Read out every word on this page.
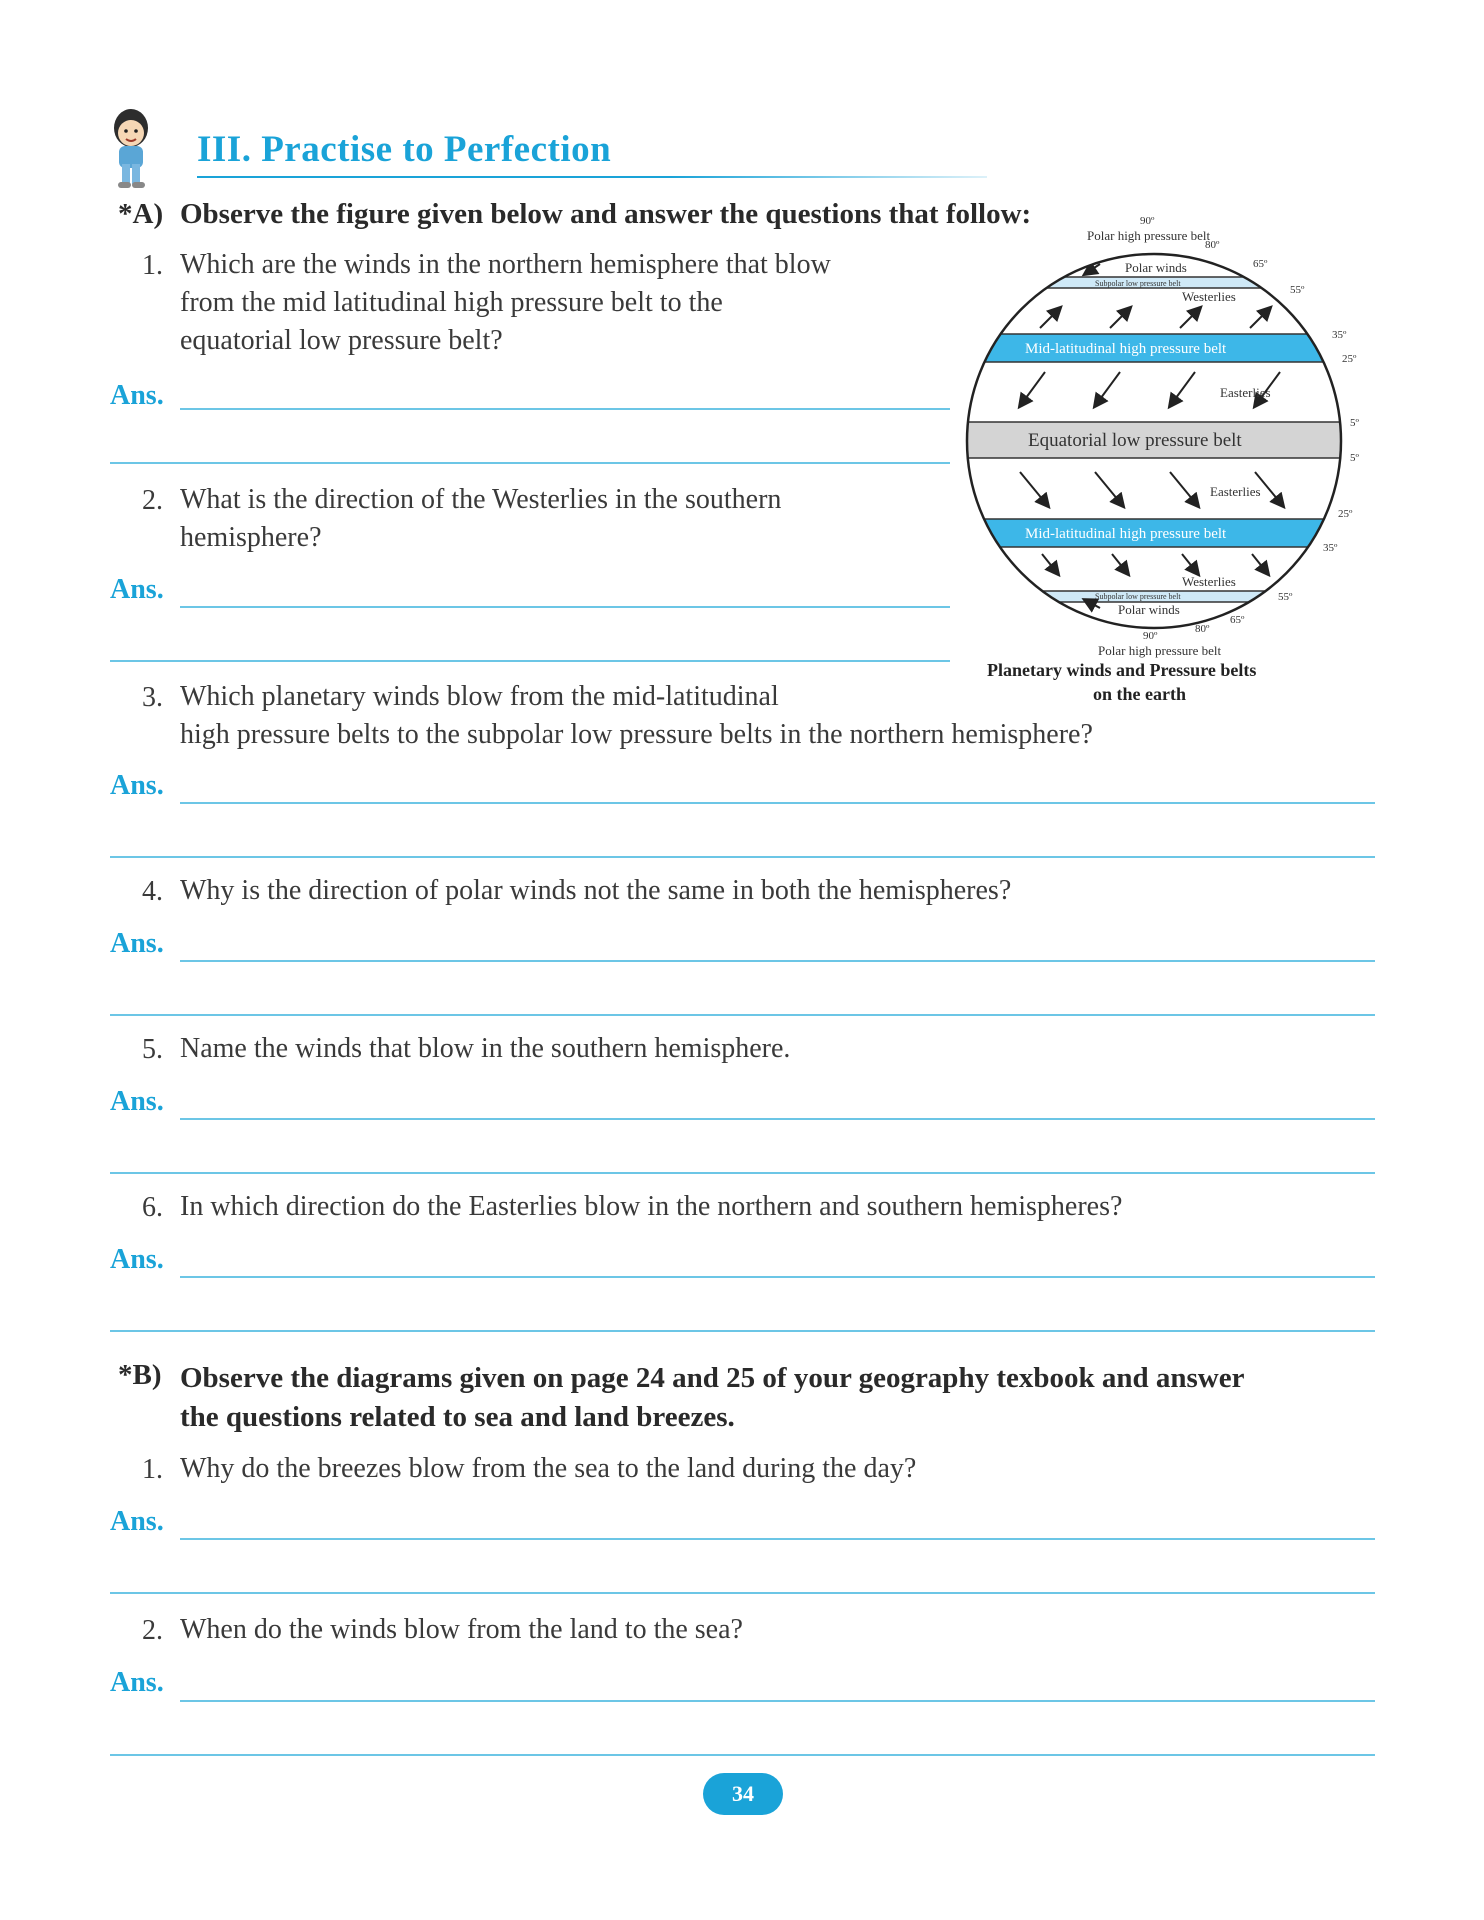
III. Practise to Perfection
*A) Observe the figure given below and answer the questions that follow:
1. Which are the winds in the northern hemisphere that blow
from the mid latitudinal high pressure belt to the
equatorial low pressure belt?
Ans.
2. What is the direction of the Westerlies in the southern
hemisphere?
Ans.
3. Which planetary winds blow from the mid-latitudinal
high pressure belts to the subpolar low pressure belts in the northern hemisphere?
Ans.
4. Why is the direction of polar winds not the same in both the hemispheres?
Ans.
5. Name the winds that blow in the southern hemisphere.
Ans.
6. In which direction do the Easterlies blow in the northern and southern hemispheres?
Ans.
*B) Observe the diagrams given on page 24 and 25 of your geography texbook and answer
the questions related to sea and land breezes.
1. Why do the breezes blow from the sea to the land during the day?
Ans.
2. When do the winds blow from the land to the sea?
Ans.
90º
Polar high pressure belt
80º
Polar winds	65º
Subpolar low pressure belt
55º
Westerlies
35º
Mid-latitudinal high pressure belt
25º
Easterlies
5º
Equatorial low pressure belt
5º
Easterlies
25º
Mid-latitudinal high pressure belt
35º
Westerlies
55º
Subpolar low pressure belt
Polar winds
65º
80º
90º
Polar high pressure belt
Planetary winds and Pressure belts
on the earth
34
